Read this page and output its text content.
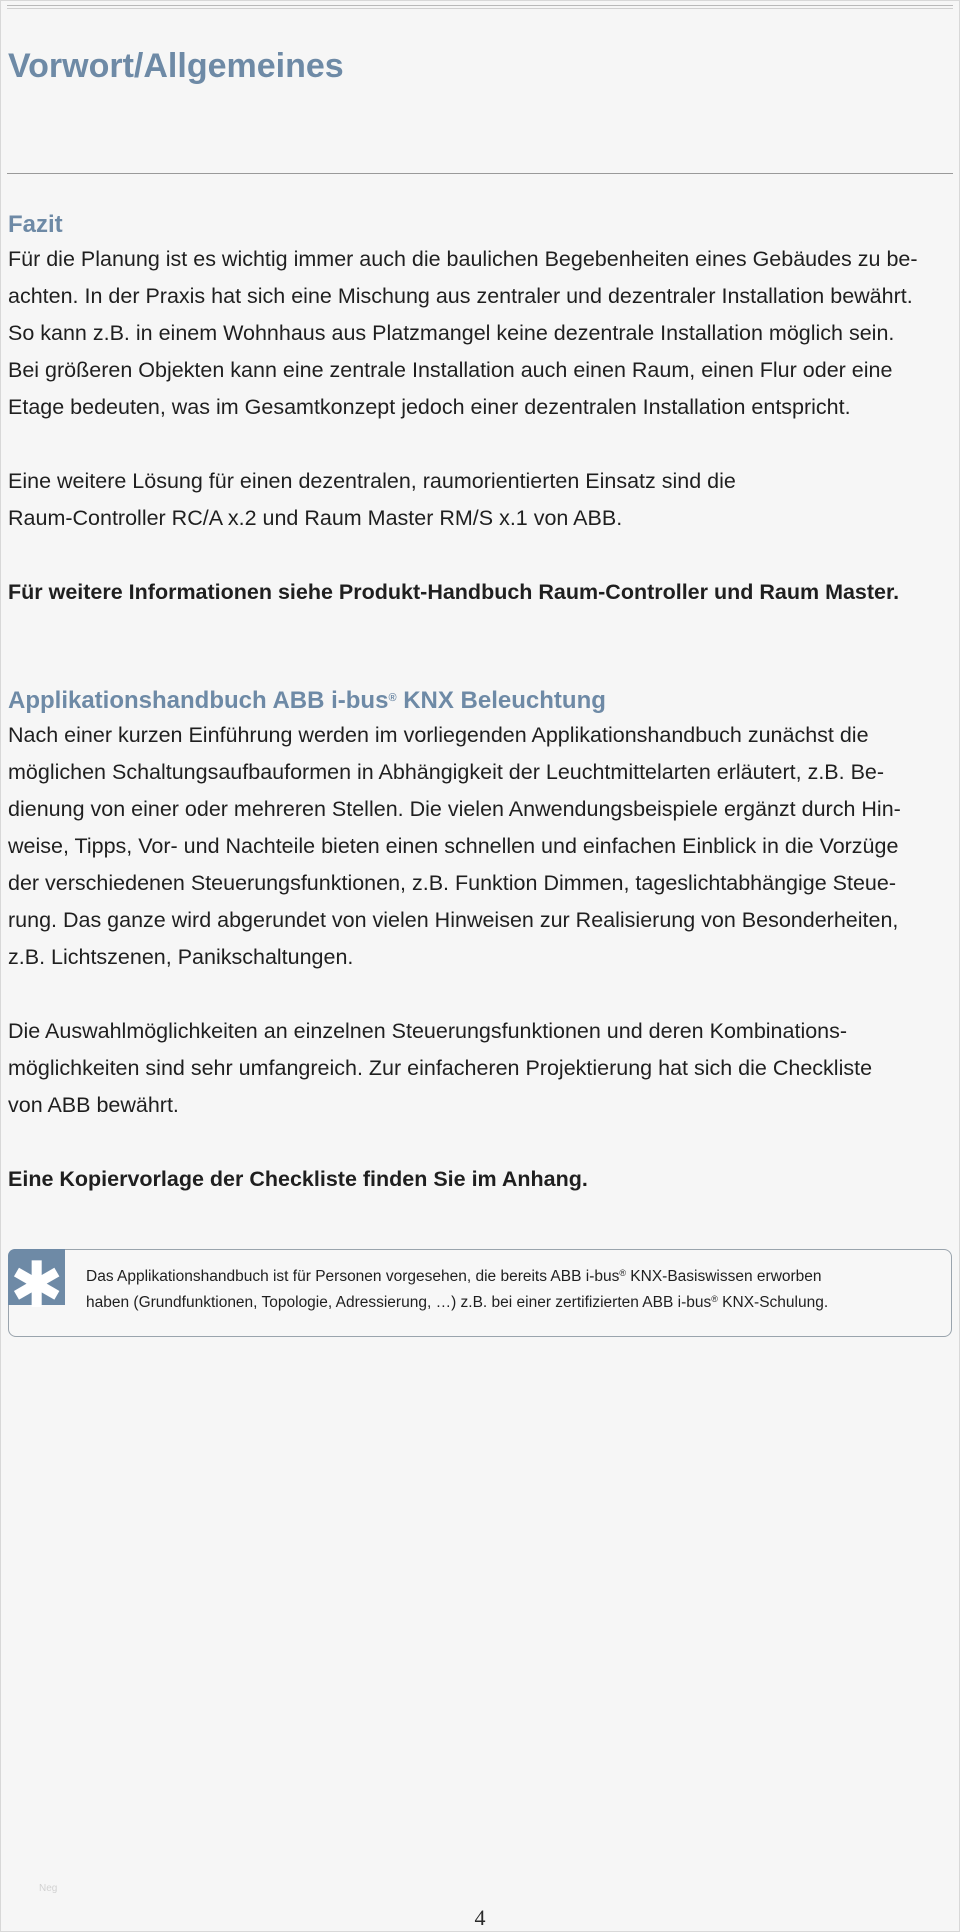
Vorwort/Allgemeines
Fazit

Für die Planung ist es wichtig immer auch die baulichen Begebenheiten eines Gebäudes zu be-

achten. In der Praxis hat sich eine Mischung aus zentraler und dezentraler Installation bewährt.

So kann z.B. in einem Wohnhaus aus Platzmangel keine dezentrale Installation möglich sein.

Bei größeren Objekten kann eine zentrale Installation auch einen Raum, einen Flur oder eine

Etage bedeuten, was im Gesamtkonzept jedoch einer dezentralen Installation entspricht.

Eine weitere Lösung für einen dezentralen, raumorientierten Einsatz sind die

Raum-Controller RC/A x.2 und Raum Master RM/S x.1 von ABB.

Für weitere Informationen siehe Produkt-Handbuch Raum-Controller und Raum Master.

Applikationshandbuch ABB i-bus® KNX Beleuchtung

Nach einer kurzen Einführung werden im vorliegenden Applikationshandbuch zunächst die

möglichen Schaltungsaufbauformen in Abhängigkeit der Leuchtmittelarten erläutert, z.B. Be-

dienung von einer oder mehreren Stellen. Die vielen Anwendungsbeispiele ergänzt durch Hin-

weise, Tipps, Vor- und Nachteile bieten einen schnellen und einfachen Einblick in die Vorzüge

der verschiedenen Steuerungsfunktionen, z.B. Funktion Dimmen, tageslichtabhängige Steue-

rung. Das ganze wird abgerundet von vielen Hinweisen zur Realisierung von Besonderheiten,

z.B. Lichtszenen, Panikschaltungen.

Die Auswahlmöglichkeiten an einzelnen Steuerungsfunktionen und deren Kombinations-

möglichkeiten sind sehr umfangreich. Zur einfacheren Projektierung hat sich die Checkliste

von ABB bewährt.

Eine Kopiervorlage der Checkliste finden Sie im Anhang.

✱ Das Applikationshandbuch ist für Personen vorgesehen, die bereits ABB i-bus® KNX-Basiswissen erworben
haben (Grundfunktionen, Topologie, Adressierung, …) z.B. bei einer zertifizierten ABB i-bus® KNX-Schulung.
Neg
4
